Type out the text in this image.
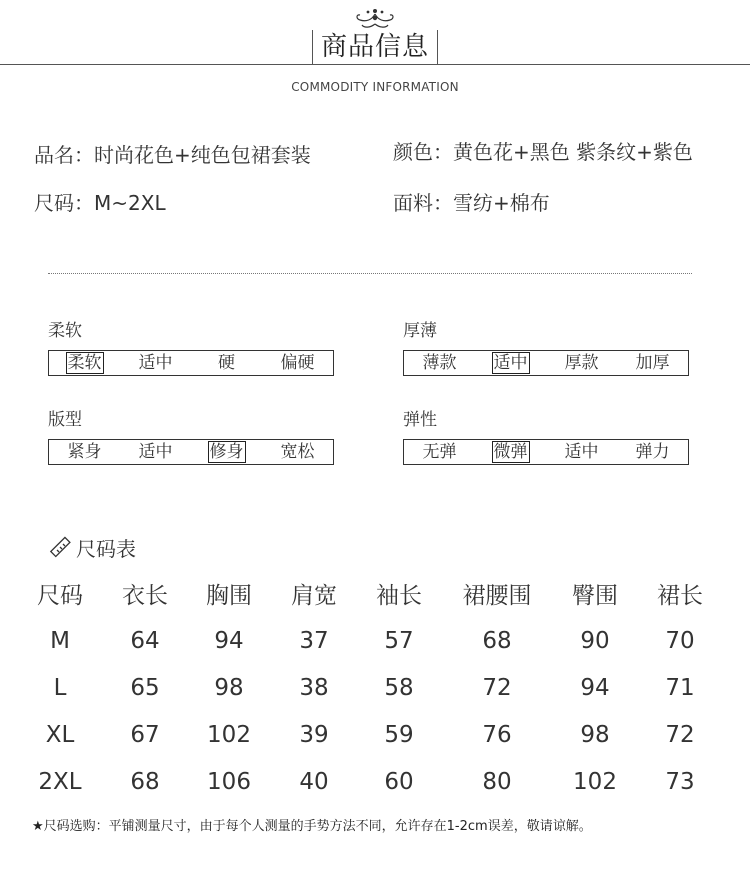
商品信息
COMMODITY INFORMATION
品名：时尚花色+纯色包裙套装	颜色：黄色花+黑色 紫条纹+紫色
尺码：M~2XL	面料：雪纺+棉布
柔软
柔软	适中	硬	偏硬
厚薄
薄款	适中	厚款	加厚
版型
紧身	适中	修身	宽松
弹性
无弹	微弹	适中	弹力
尺码表
尺码	衣长	胸围	肩宽	袖长	裙腰围	臀围	裙长
M	64	94	37	57	68	90	70
L	65	98	38	58	72	94	71
XL	67	102	39	59	76	98	72
2XL	68	106	40	60	80	102	73
★尺码选购：平铺测量尺寸，由于每个人测量的手势方法不同，允许存在1-2cm误差，敬请谅解。
